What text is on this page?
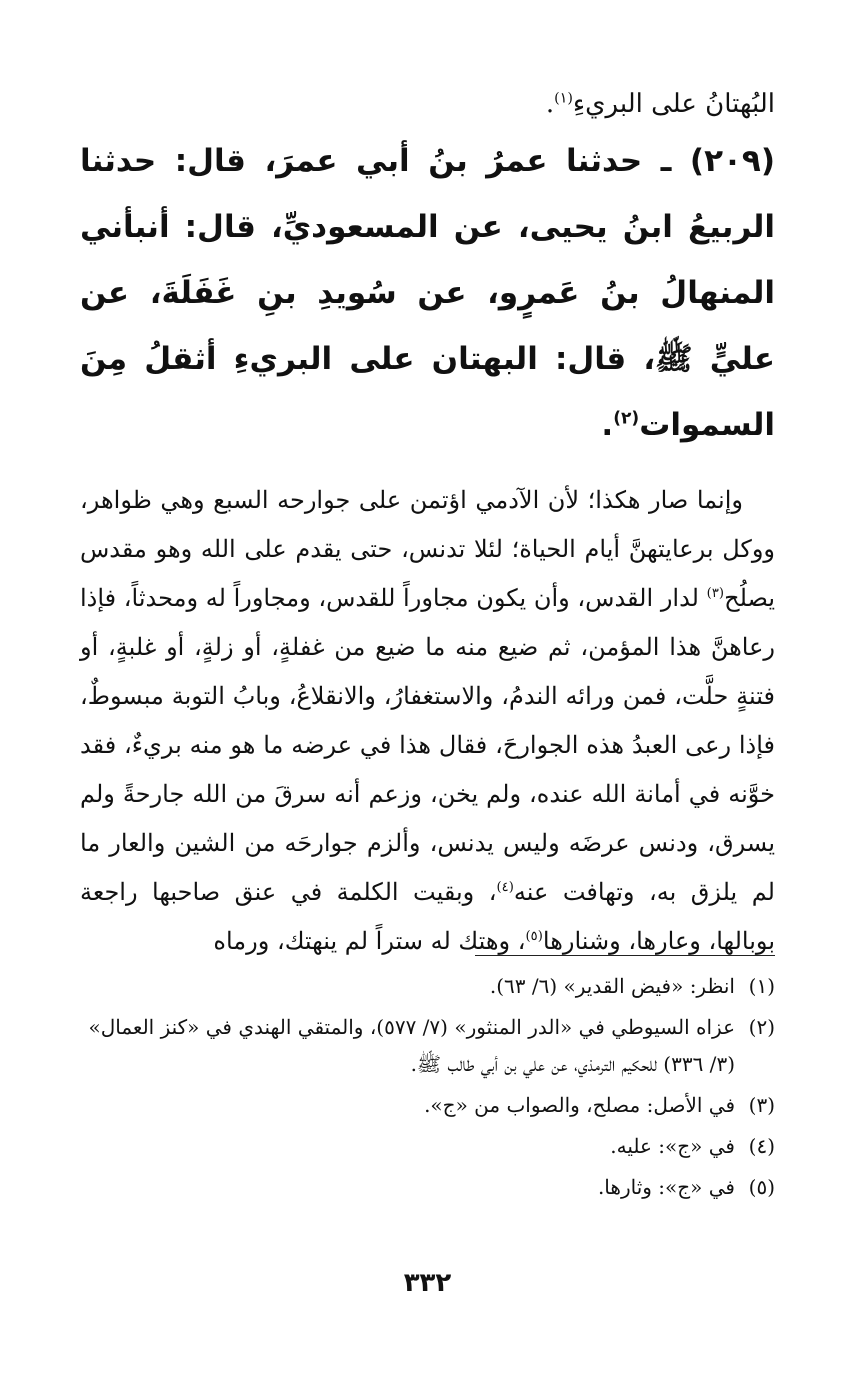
البُهتانُ على البريءِ$^{(١)}$.

(٢٠٩) ـ حدثنا عمرُ بنُ أبي عمرَ، قال: حدثنا الربيعُ ابنُ يحيى، عن المسعوديِّ، قال: أنبأني المنهالُ بنُ عَمرٍو، عن سُويدِ بنِ غَفَلَةَ، عن عليٍّ ﷺ، قال: البهتان على البريءِ أثقلُ مِنَ السموات$^{(٢)}$.

وإنما صار هكذا؛ لأن الآدمي اؤتمن على جوارحه السبع وهي ظواهر، ووكل برعايتهنَّ أيام الحياة؛ لئلا تدنس، حتى يقدم على الله وهو مقدس يصلُح$^{(٣)}$ لدار القدس، وأن يكون مجاوراً للقدس، ومجاوراً له ومحدثاً، فإذا رعاهنَّ هذا المؤمن، ثم ضيع منه ما ضيع من غفلةٍ، أو زلةٍ، أو غلبةٍ، أو فتنةٍ حلَّت، فمن ورائه الندمُ، والاستغفارُ، والانقلاعُ، وبابُ التوبة مبسوطٌ، فإذا رعى العبدُ هذه الجوارحَ، فقال هذا في عرضه ما هو منه بريءٌ، فقد خوَّنه في أمانة الله عنده، ولم يخن، وزعم أنه سرقَ من الله جارحةً ولم يسرق، ودنس عرضَه وليس يدنس، وألزم جوارحَه من الشين والعار ما لم يلزق به، وتهافت عنه$^{(٤)}$، وبقيت الكلمة في عنق صاحبها راجعة بوبالها، وعارها، وشنارها$^{(٥)}$، وهتك له ستراً لم ينهتك، ورماه

(١)انظر: «فيض القدير» (٦/ ٦٣).
(٢)عزاه السيوطي في «الدر المنثور» (٧/ ٥٧٧)، والمتقي الهندي في «كنز العمال»
(٣/ ٣٣٦) للحكيم الترمذي، عن علي بن أبي طالب ﷺ.
(٣)في الأصل: مصلح، والصواب من «ج».
(٤)في «ج»: عليه.
(٥)في «ج»: وثارها.
٣٣٢
